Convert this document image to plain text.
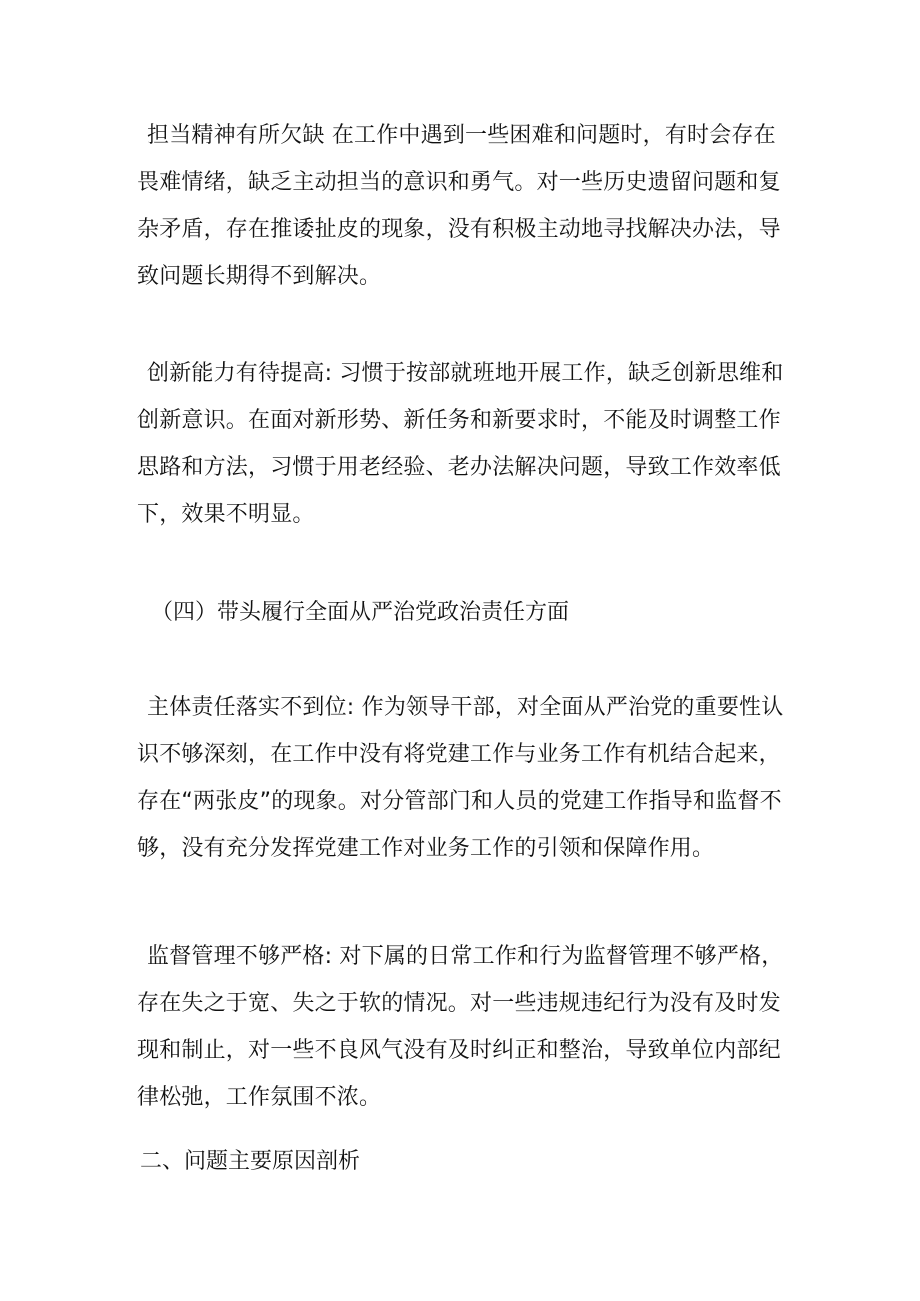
担当精神有所欠缺 在工作中遇到一些困难和问题时，有时会存在畏难情绪，缺乏主动担当的意识和勇气。对一些历史遗留问题和复杂矛盾，存在推诿扯皮的现象，没有积极主动地寻找解决办法，导致问题长期得不到解决。

创新能力有待提高: 习惯于按部就班地开展工作，缺乏创新思维和创新意识。在面对新形势、新任务和新要求时，不能及时调整工作思路和方法，习惯于用老经验、老办法解决问题，导致工作效率低下，效果不明显。

（四）带头履行全面从严治党政治责任方面

主体责任落实不到位: 作为领导干部，对全面从严治党的重要性认识不够深刻，在工作中没有将党建工作与业务工作有机结合起来，存在“两张皮”的现象。对分管部门和人员的党建工作指导和监督不够，没有充分发挥党建工作对业务工作的引领和保障作用。

监督管理不够严格: 对下属的日常工作和行为监督管理不够严格，存在失之于宽、失之于软的情况。对一些违规违纪行为没有及时发现和制止，对一些不良风气没有及时纠正和整治，导致单位内部纪律松弛，工作氛围不浓。

二、问题主要原因剖析
